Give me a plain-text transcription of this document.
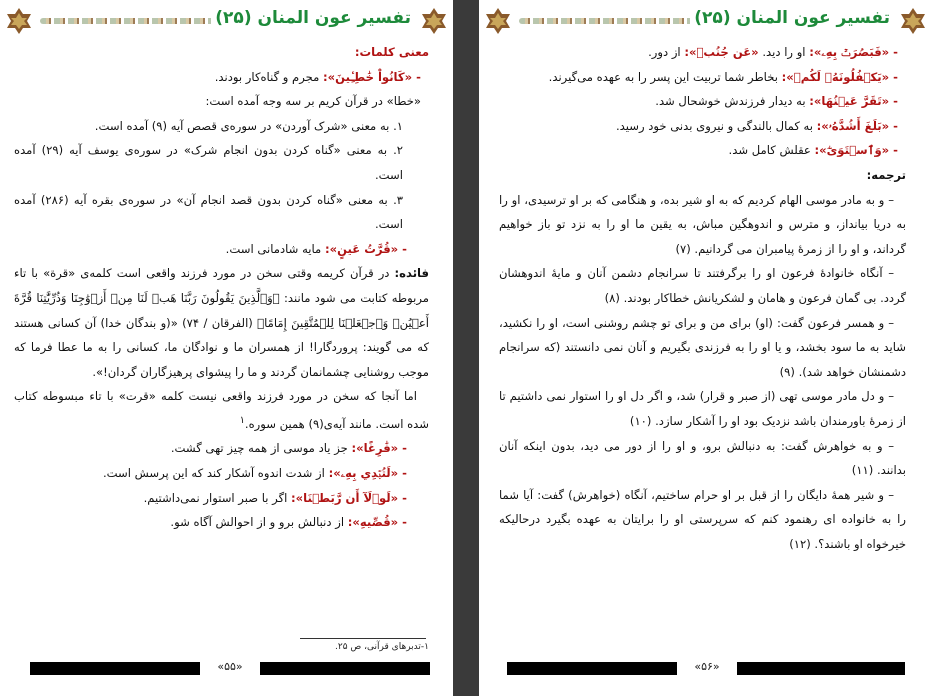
تفسیر عون المنان (۲۵)

معنی کلمات:

- «كَانُواْ خَٰطِـِٔينَ»: مجرم و گناه‌کار بودند.

«خطا» در قرآن کریم بر سه وجه آمده است:

۱. به معنی «شرک آوردن» در سوره‌ی قصص آیه (۹) آمده است.

۲. به معنی «گناه کردن بدون انجام شرک» در سوره‌ی یوسف آیه (۲۹) آمده است.

۳. به معنی «گناه کردن بدون قصد انجام آن» در سوره‌ی بقره آیه (۲۸۶) آمده است.

- «قُرَّتُ عَينٍ»: مایه شادمانی است.

فائده: در قرآن کریمه وقتی سخن در مورد فرزند واقعی است کلمه‌ی «قرة» با تاء مربوطه کتابت می شود مانند: ﴿وَٱلَّذِينَ يَقُولُونَ رَبَّنَا هَبۡ لَنَا مِنۡ أَزۡوَٰجِنَا وَذُرِّيَّٰتِنَا قُرَّةَ أَعۡيُنٖ وَٱجۡعَلۡنَا لِلۡمُتَّقِينَ إِمَامًا﴾ (الفرقان / ۷۴) «(و بندگان خدا) آن کسانی هستند که می گویند: پروردگارا! از همسران ما و نوادگان ما، کسانی را به ما عطا فرما که موجب روشنایی چشمانمان گردند و ما را پیشوای پرهیزگاران گردان!».

اما آنجا که سخن در مورد فرزند واقعی نیست کلمه «قرت» با تاء مبسوطه کتاب شده است. مانند آیه‌ی(۹) همین سوره.$^۱$

- «فَٰرِغًا»: جز یاد موسی از همه چیز تهی گشت.

- «لَتُبۡدِي بِهِۦ»: از شدت اندوه آشکار کند که این پرسش است.

- «لَوۡلَآ أَن رَّبَطۡنَا»: اگر با صبر استوار نمی‌داشتیم.

- «قُصِّيهِ»: از دنبالش برو و از احوالش آگاه شو.

۱-تدبرهای قرآنی، ص ۲۵.
«۵۵»
تفسیر عون المنان (۲۵)

- «فَبَصُرَتۡ بِهِۦ»: او را دید. «عَن جُنُبٖ»: از دور.

- «يَكۡفُلُونَهُۥ لَكُمۡ»: بخاطر شما تربیت این پسر را به عهده می‌گیرند.

- «تَقَرَّ عَيۡنُهَا»: به دیدار فرزندش خوشحال شد.

- «بَلَغَ أَشُدَّهُۥ»: به کمال بالندگی و نیروی بدنی خود رسید.

- «وَٱسۡتَوَىٰٓ»: عقلش کامل شد.

ترجمه:

– و به مادر موسی الهام کردیم که به او شیر بده، و هنگامی که بر او ترسیدی، او را به دریا بیانداز، و مترس و اندوهگین مباش، به یقین ما او را به نزد تو باز خواهیم گرداند، و او را از زمرهٔ پیامبران می گردانیم. (۷)

– آنگاه خانوادهٔ فرعون او را برگرفتند تا سرانجام دشمن آنان و مایهٔ اندوهشان گردد. بی گمان فرعون و هامان و لشکریانش خطاکار بودند. (۸)

– و همسر فرعون گفت: (او) برای من و برای تو چشم روشنی است، او را نکشید، شاید به ما سود بخشد، و یا او را به فرزندی بگیریم و آنان نمی دانستند (که سرانجام دشمنشان خواهد شد). (۹)

– و دل مادر موسی تهی (از صبر و قرار) شد، و اگر دل او را استوار نمی داشتیم تا از زمرهٔ باورمندان باشد نزدیک بود او را آشکار سازد. (۱۰)

– و به خواهرش گفت: به دنبالش برو، و او را از دور می دید، بدون اینکه آنان بدانند. (۱۱)

– و شیر همهٔ دایگان را از قبل بر او حرام ساختیم، آنگاه (خواهرش) گفت: آیا شما را به خانواده ای رهنمود کنم که سرپرستی او را برایتان به عهده بگیرد درحالیکه خیرخواه او باشند؟. (۱۲)

«۵۶»
